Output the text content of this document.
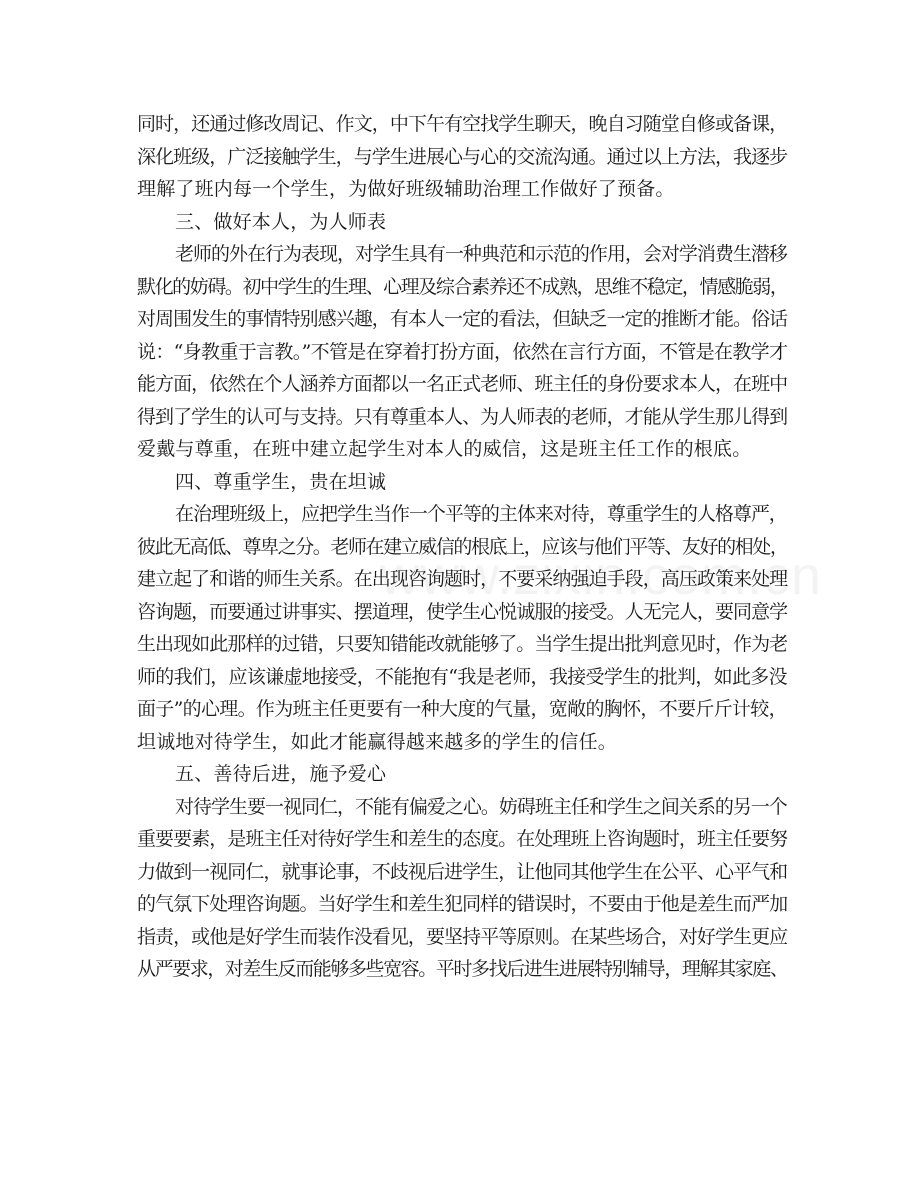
同时，还通过修改周记、作文，中下午有空找学生聊天，晚自习随堂自修或备课，
深化班级，广泛接触学生，与学生进展心与心的交流沟通。通过以上方法，我逐步
理解了班内每一个学生，为做好班级辅助治理工作做好了预备。
三、做好本人，为人师表
老师的外在行为表现，对学生具有一种典范和示范的作用，会对学消费生潜移
默化的妨碍。初中学生的生理、心理及综合素养还不成熟，思维不稳定，情感脆弱，
对周围发生的事情特别感兴趣，有本人一定的看法，但缺乏一定的推断才能。俗话
说：“身教重于言教。”不管是在穿着打扮方面，依然在言行方面，不管是在教学才
能方面，依然在个人涵养方面都以一名正式老师、班主任的身份要求本人，在班中
得到了学生的认可与支持。只有尊重本人、为人师表的老师，才能从学生那儿得到
爱戴与尊重，在班中建立起学生对本人的威信，这是班主任工作的根底。
四、尊重学生，贵在坦诚
在治理班级上，应把学生当作一个平等的主体来对待，尊重学生的人格尊严，
彼此无高低、尊卑之分。老师在建立威信的根底上，应该与他们平等、友好的相处，
建立起了和谐的师生关系。在出现咨询题时，不要采纳强迫手段，高压政策来处理
咨询题，而要通过讲事实、摆道理，使学生心悦诚服的接受。人无完人，要同意学
生出现如此那样的过错，只要知错能改就能够了。当学生提出批判意见时，作为老
师的我们，应该谦虚地接受，不能抱有“我是老师，我接受学生的批判，如此多没
面子”的心理。作为班主任更要有一种大度的气量，宽敞的胸怀，不要斤斤计较，
坦诚地对待学生，如此才能赢得越来越多的学生的信任。
五、善待后进，施予爱心
对待学生要一视同仁，不能有偏爱之心。妨碍班主任和学生之间关系的另一个
重要要素，是班主任对待好学生和差生的态度。在处理班上咨询题时，班主任要努
力做到一视同仁，就事论事，不歧视后进学生，让他同其他学生在公平、心平气和
的气氛下处理咨询题。当好学生和差生犯同样的错误时，不要由于他是差生而严加
指责，或他是好学生而装作没看见，要坚持平等原则。在某些场合，对好学生更应
从严要求，对差生反而能够多些宽容。平时多找后进生进展特别辅导，理解其家庭、
